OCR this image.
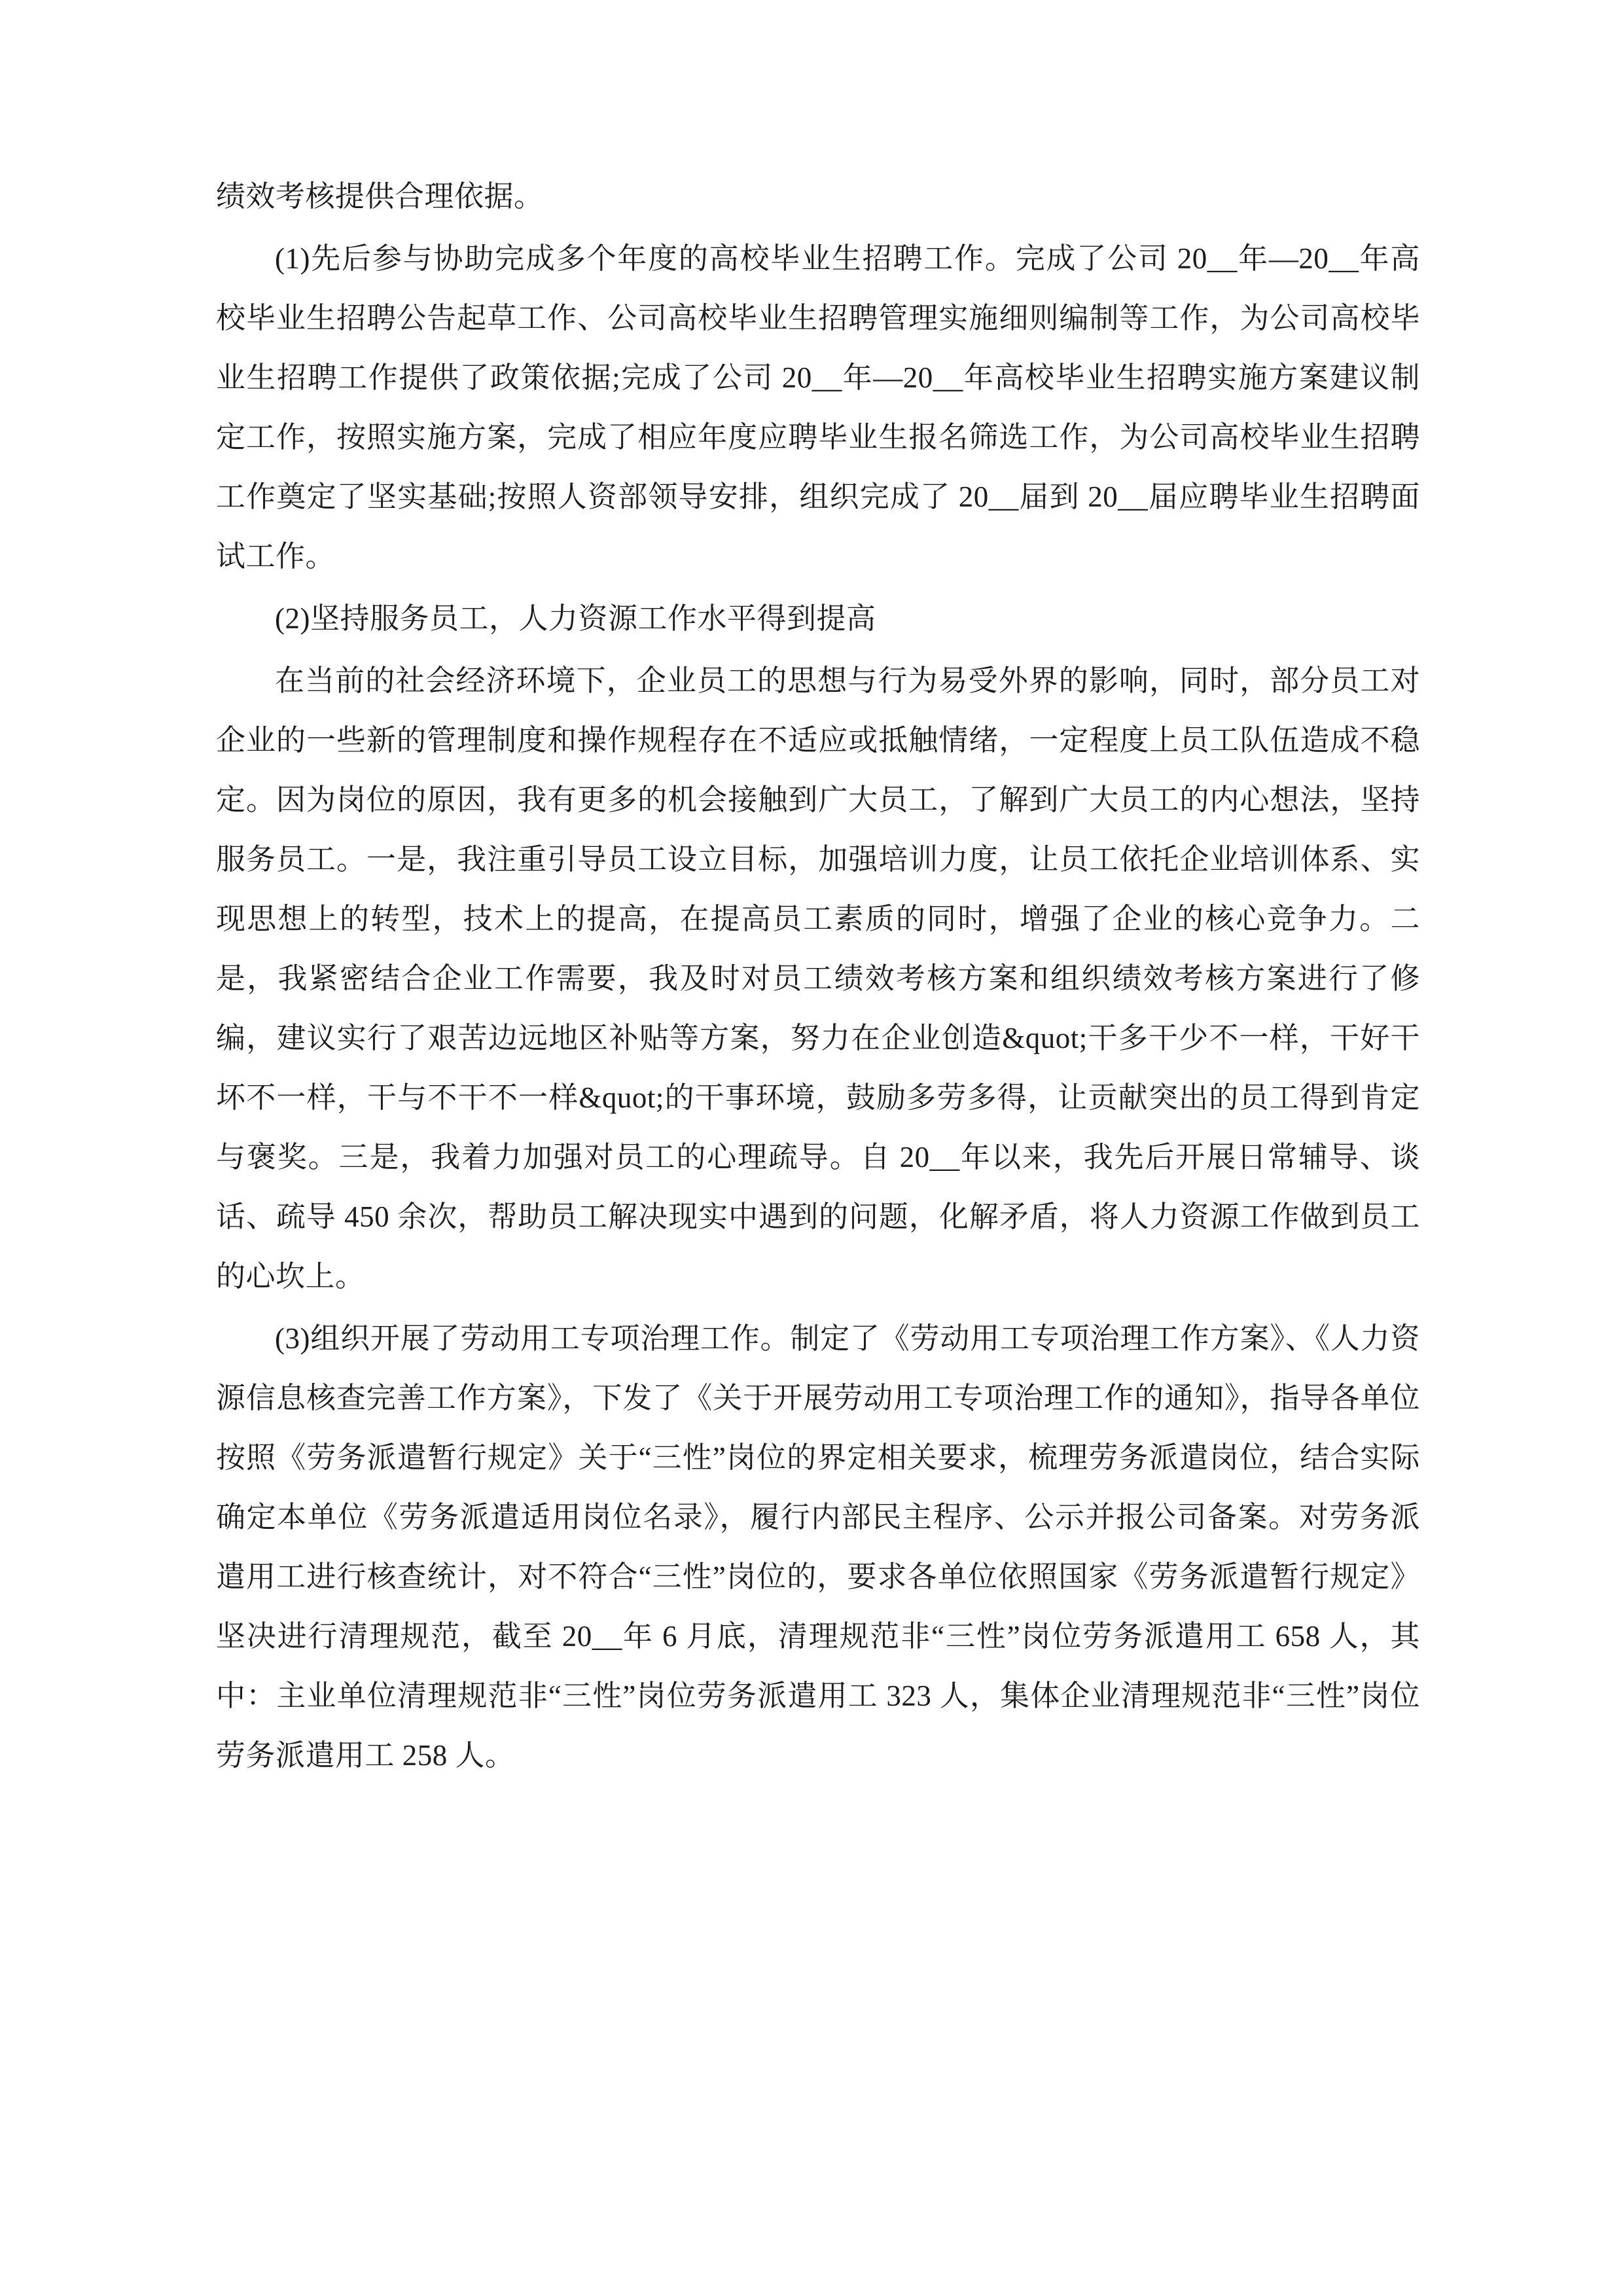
绩效考核提供合理依据。

(1)先后参与协助完成多个年度的高校毕业生招聘工作。完成了公司 20__年—20__年高校毕业生招聘公告起草工作、公司高校毕业生招聘管理实施细则编制等工作，为公司高校毕业生招聘工作提供了政策依据;完成了公司 20__年—20__年高校毕业生招聘实施方案建议制定工作，按照实施方案，完成了相应年度应聘毕业生报名筛选工作，为公司高校毕业生招聘工作奠定了坚实基础;按照人资部领导安排，组织完成了 20__届到 20__届应聘毕业生招聘面试工作。

(2)坚持服务员工，人力资源工作水平得到提高

在当前的社会经济环境下，企业员工的思想与行为易受外界的影响，同时，部分员工对企业的一些新的管理制度和操作规程存在不适应或抵触情绪，一定程度上员工队伍造成不稳定。因为岗位的原因，我有更多的机会接触到广大员工，了解到广大员工的内心想法，坚持服务员工。一是，我注重引导员工设立目标，加强培训力度，让员工依托企业培训体系、实现思想上的转型，技术上的提高，在提高员工素质的同时，增强了企业的核心竞争力。二是，我紧密结合企业工作需要，我及时对员工绩效考核方案和组织绩效考核方案进行了修编，建议实行了艰苦边远地区补贴等方案，努力在企业创造&quot;干多干少不一样，干好干坏不一样，干与不干不一样&quot;的干事环境，鼓励多劳多得，让贡献突出的员工得到肯定与褒奖。三是，我着力加强对员工的心理疏导。自 20__年以来，我先后开展日常辅导、谈话、疏导 450 余次，帮助员工解决现实中遇到的问题，化解矛盾，将人力资源工作做到员工的心坎上。

(3)组织开展了劳动用工专项治理工作。制定了《劳动用工专项治理工作方案》、《人力资源信息核查完善工作方案》，下发了《关于开展劳动用工专项治理工作的通知》，指导各单位按照《劳务派遣暂行规定》关于“三性”岗位的界定相关要求，梳理劳务派遣岗位，结合实际确定本单位《劳务派遣适用岗位名录》，履行内部民主程序、公示并报公司备案。对劳务派遣用工进行核查统计，对不符合“三性”岗位的，要求各单位依照国家《劳务派遣暂行规定》坚决进行清理规范，截至 20__年 6 月底，清理规范非“三性”岗位劳务派遣用工 658 人，其中：主业单位清理规范非“三性”岗位劳务派遣用工 323 人，集体企业清理规范非“三性”岗位劳务派遣用工 258 人。
